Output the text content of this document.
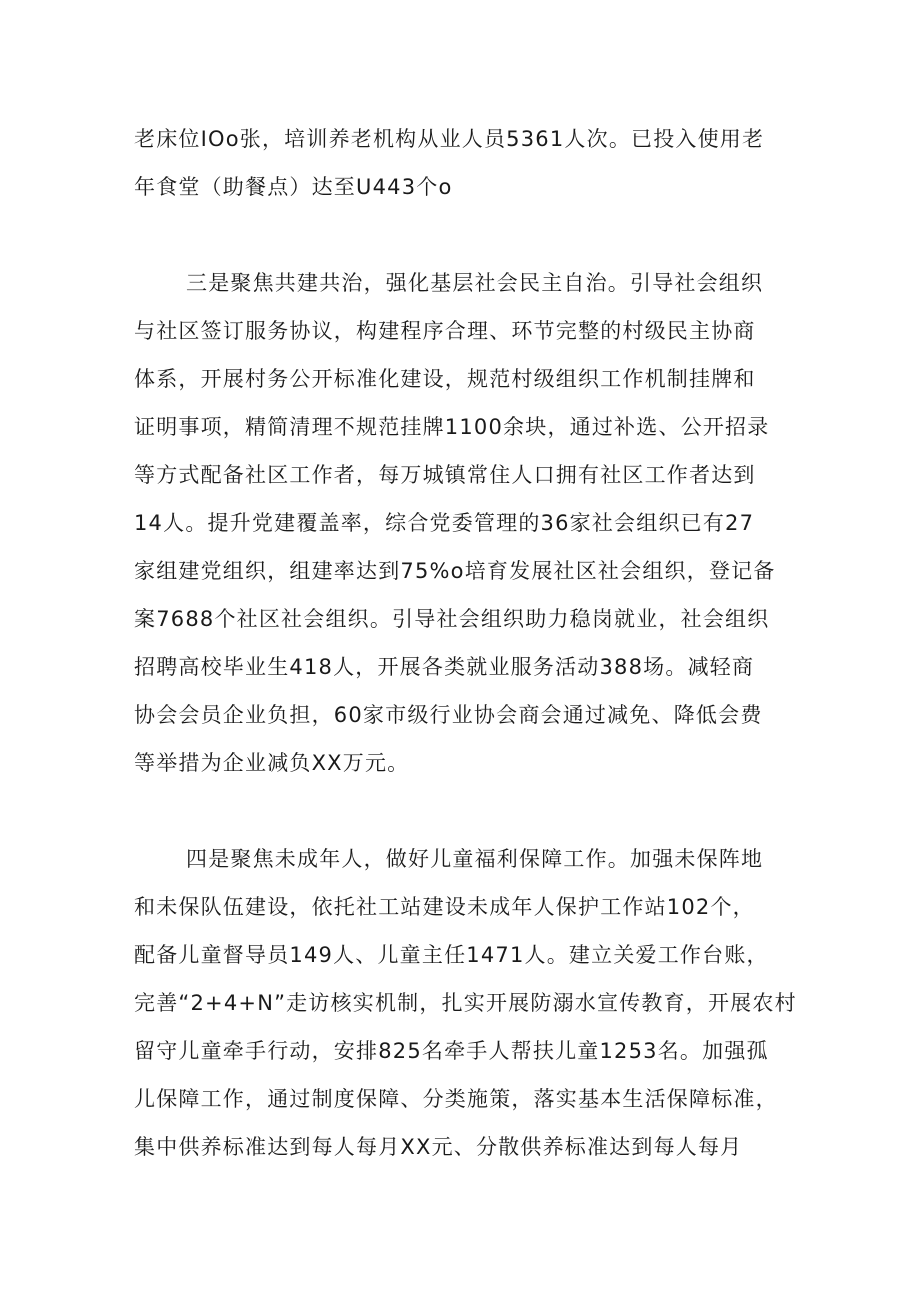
老床位IOo张，培训养老机构从业人员5361人次。已投入使用老
年食堂（助餐点）达至U443个o
三是聚焦共建共治，强化基层社会民主自治。引导社会组织
与社区签订服务协议，构建程序合理、环节完整的村级民主协商
体系，开展村务公开标准化建设，规范村级组织工作机制挂牌和
证明事项，精简清理不规范挂牌1100余块，通过补选、公开招录
等方式配备社区工作者，每万城镇常住人口拥有社区工作者达到
14人。提升党建覆盖率，综合党委管理的36家社会组织已有27
家组建党组织，组建率达到75%o培育发展社区社会组织，登记备
案7688个社区社会组织。引导社会组织助力稳岗就业，社会组织
招聘高校毕业生418人，开展各类就业服务活动388场。减轻商
协会会员企业负担，60家市级行业协会商会通过减免、降低会费
等举措为企业减负XX万元。
四是聚焦未成年人，做好儿童福利保障工作。加强未保阵地
和未保队伍建设，依托社工站建设未成年人保护工作站102个，
配备儿童督导员149人、儿童主任1471人。建立关爱工作台账，
完善“2+4+N”走访核实机制，扎实开展防溺水宣传教育，开展农村
留守儿童牵手行动，安排825名牵手人帮扶儿童1253名。加强孤
儿保障工作，通过制度保障、分类施策，落实基本生活保障标准，
集中供养标准达到每人每月XX元、分散供养标准达到每人每月
